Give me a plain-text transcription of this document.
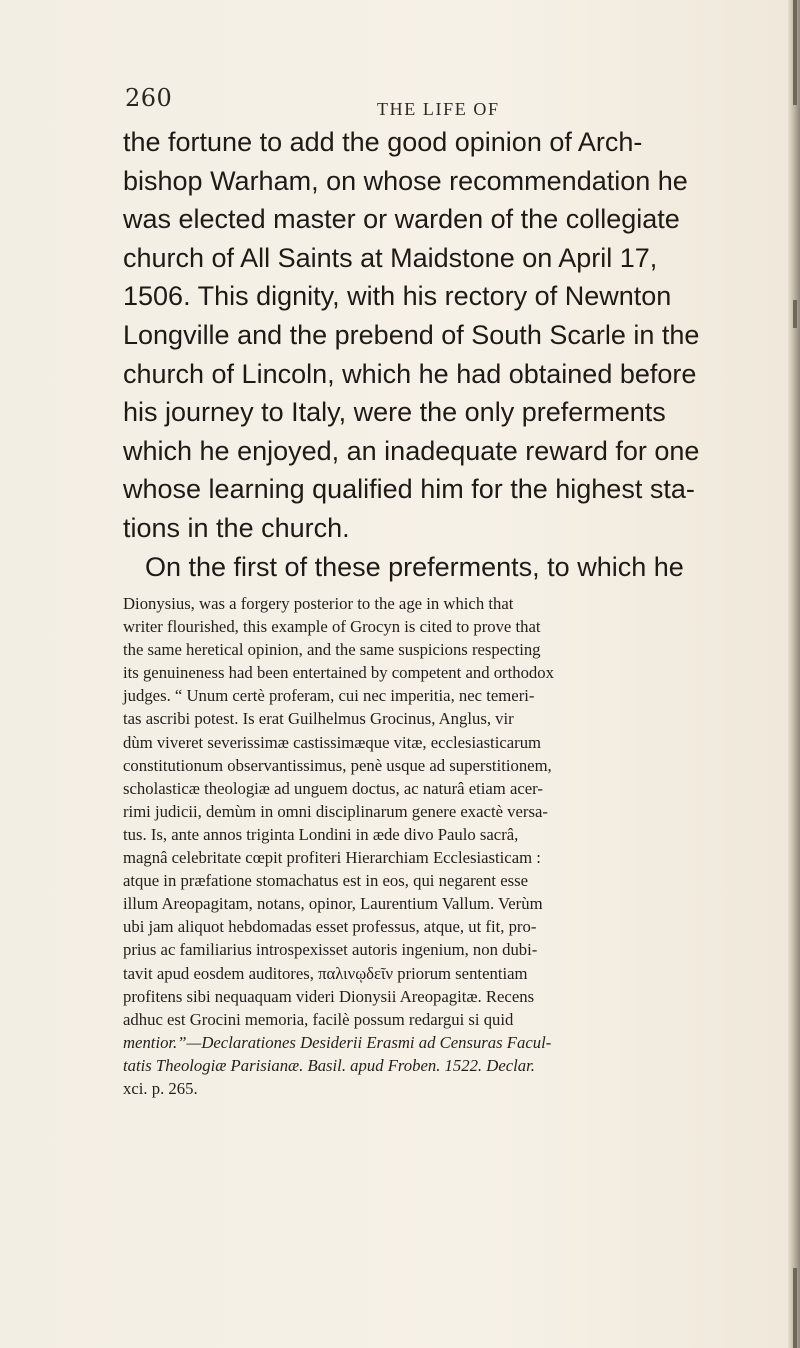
260	THE LIFE OF
the fortune to add the good opinion of Arch-
bishop Warham, on whose recommendation he
was elected master or warden of the collegiate
church of All Saints at Maidstone on April 17,
1506. This dignity, with his rectory of Newnton
Longville and the prebend of South Scarle in the
church of Lincoln, which he had obtained before
his journey to Italy, were the only preferments
which he enjoyed, an inadequate reward for one
whose learning qualified him for the highest sta-
tions in the church.
On the first of these preferments, to which he
Dionysius, was a forgery posterior to the age in which that
writer flourished, this example of Grocyn is cited to prove that
the same heretical opinion, and the same suspicions respecting
its genuineness had been entertained by competent and orthodox
judges. “ Unum certè proferam, cui nec imperitia, nec temeri-
tas ascribi potest. Is erat Guilhelmus Grocinus, Anglus, vir
dùm viveret severissimæ castissimæque vitæ, ecclesiasticarum
constitutionum observantissimus, penè usque ad superstitionem,
scholasticæ theologiæ ad unguem doctus, ac naturâ etiam acer-
rimi judicii, demùm in omni disciplinarum genere exactè versa-
tus. Is, ante annos triginta Londini in æde divo Paulo sacrâ,
magnâ celebritate cœpit profiteri Hierarchiam Ecclesiasticam :
atque in præfatione stomachatus est in eos, qui negarent esse
illum Areopagitam, notans, opinor, Laurentium Vallum. Verùm
ubi jam aliquot hebdomadas esset professus, atque, ut fit, pro-
prius ac familiarius introspexisset autoris ingenium, non dubi-
tavit apud eosdem auditores, παλινῳδεῖν priorum sententiam
profitens sibi nequaquam videri Dionysii Areopagitæ. Recens
adhuc est Grocini memoria, facilè possum redargui si quid
mentior.”—Declarationes Desiderii Erasmi ad Censuras Facul-
tatis Theologiæ Parisianæ. Basil. apud Froben. 1522. Declar.
xci. p. 265.
